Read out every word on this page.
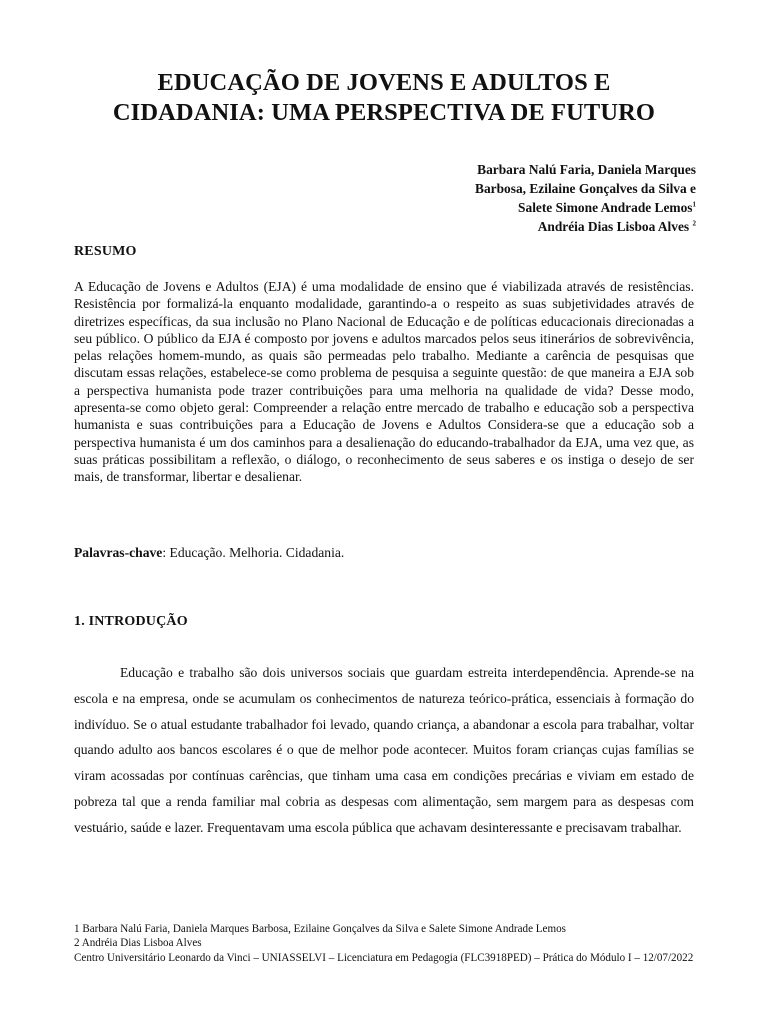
EDUCAÇÃO DE JOVENS E ADULTOS E
CIDADANIA: UMA PERSPECTIVA DE FUTURO
Barbara Nalú Faria, Daniela Marques
Barbosa, Ezilaine Gonçalves da Silva e
Salete Simone Andrade Lemos$^1$
Andréia Dias Lisboa Alves $^2$
RESUMO

A Educação de Jovens e Adultos (EJA) é uma modalidade de ensino que é viabilizada através de resistências. Resistência por formalizá-la enquanto modalidade, garantindo-a o respeito as suas subjetividades através de diretrizes específicas, da sua inclusão no Plano Nacional de Educação e de políticas educacionais direcionadas a seu público. O público da EJA é composto por jovens e adultos marcados pelos seus itinerários de sobrevivência, pelas relações homem-mundo, as quais são permeadas pelo trabalho. Mediante a carência de pesquisas que discutam essas relações, estabelece-se como problema de pesquisa a seguinte questão: de que maneira a EJA sob a perspectiva humanista pode trazer contribuições para uma melhoria na qualidade de vida? Desse modo, apresenta-se como objeto geral: Compreender a relação entre mercado de trabalho e educação sob a perspectiva humanista e suas contribuições para a Educação de Jovens e Adultos Considera-se que a educação sob a perspectiva humanista é um dos caminhos para a desalienação do educando-trabalhador da EJA, uma vez que, as suas práticas possibilitam a reflexão, o diálogo, o reconhecimento de seus saberes e os instiga o desejo de ser mais, de transformar, libertar e desalienar.

Palavras-chave: Educação. Melhoria. Cidadania.
1. INTRODUÇÃO

Educação e trabalho são dois universos sociais que guardam estreita interdependência. Aprende-se na escola e na empresa, onde se acumulam os conhecimentos de natureza teórico-prática, essenciais à formação do indivíduo. Se o atual estudante trabalhador foi levado, quando criança, a abandonar a escola para trabalhar, voltar quando adulto aos bancos escolares é o que de melhor pode acontecer. Muitos foram crianças cujas famílias se viram acossadas por contínuas carências, que tinham uma casa em condições precárias e viviam em estado de pobreza tal que a renda familiar mal cobria as despesas com alimentação, sem margem para as despesas com vestuário, saúde e lazer. Frequentavam uma escola pública que achavam desinteressante e precisavam trabalhar.

1 Barbara Nalú Faria, Daniela Marques Barbosa, Ezilaine Gonçalves da Silva e Salete Simone Andrade Lemos
2 Andréia Dias Lisboa Alves
Centro Universitário Leonardo da Vinci – UNIASSELVI – Licenciatura em Pedagogia (FLC3918PED) – Prática do Módulo I – 12/07/2022
